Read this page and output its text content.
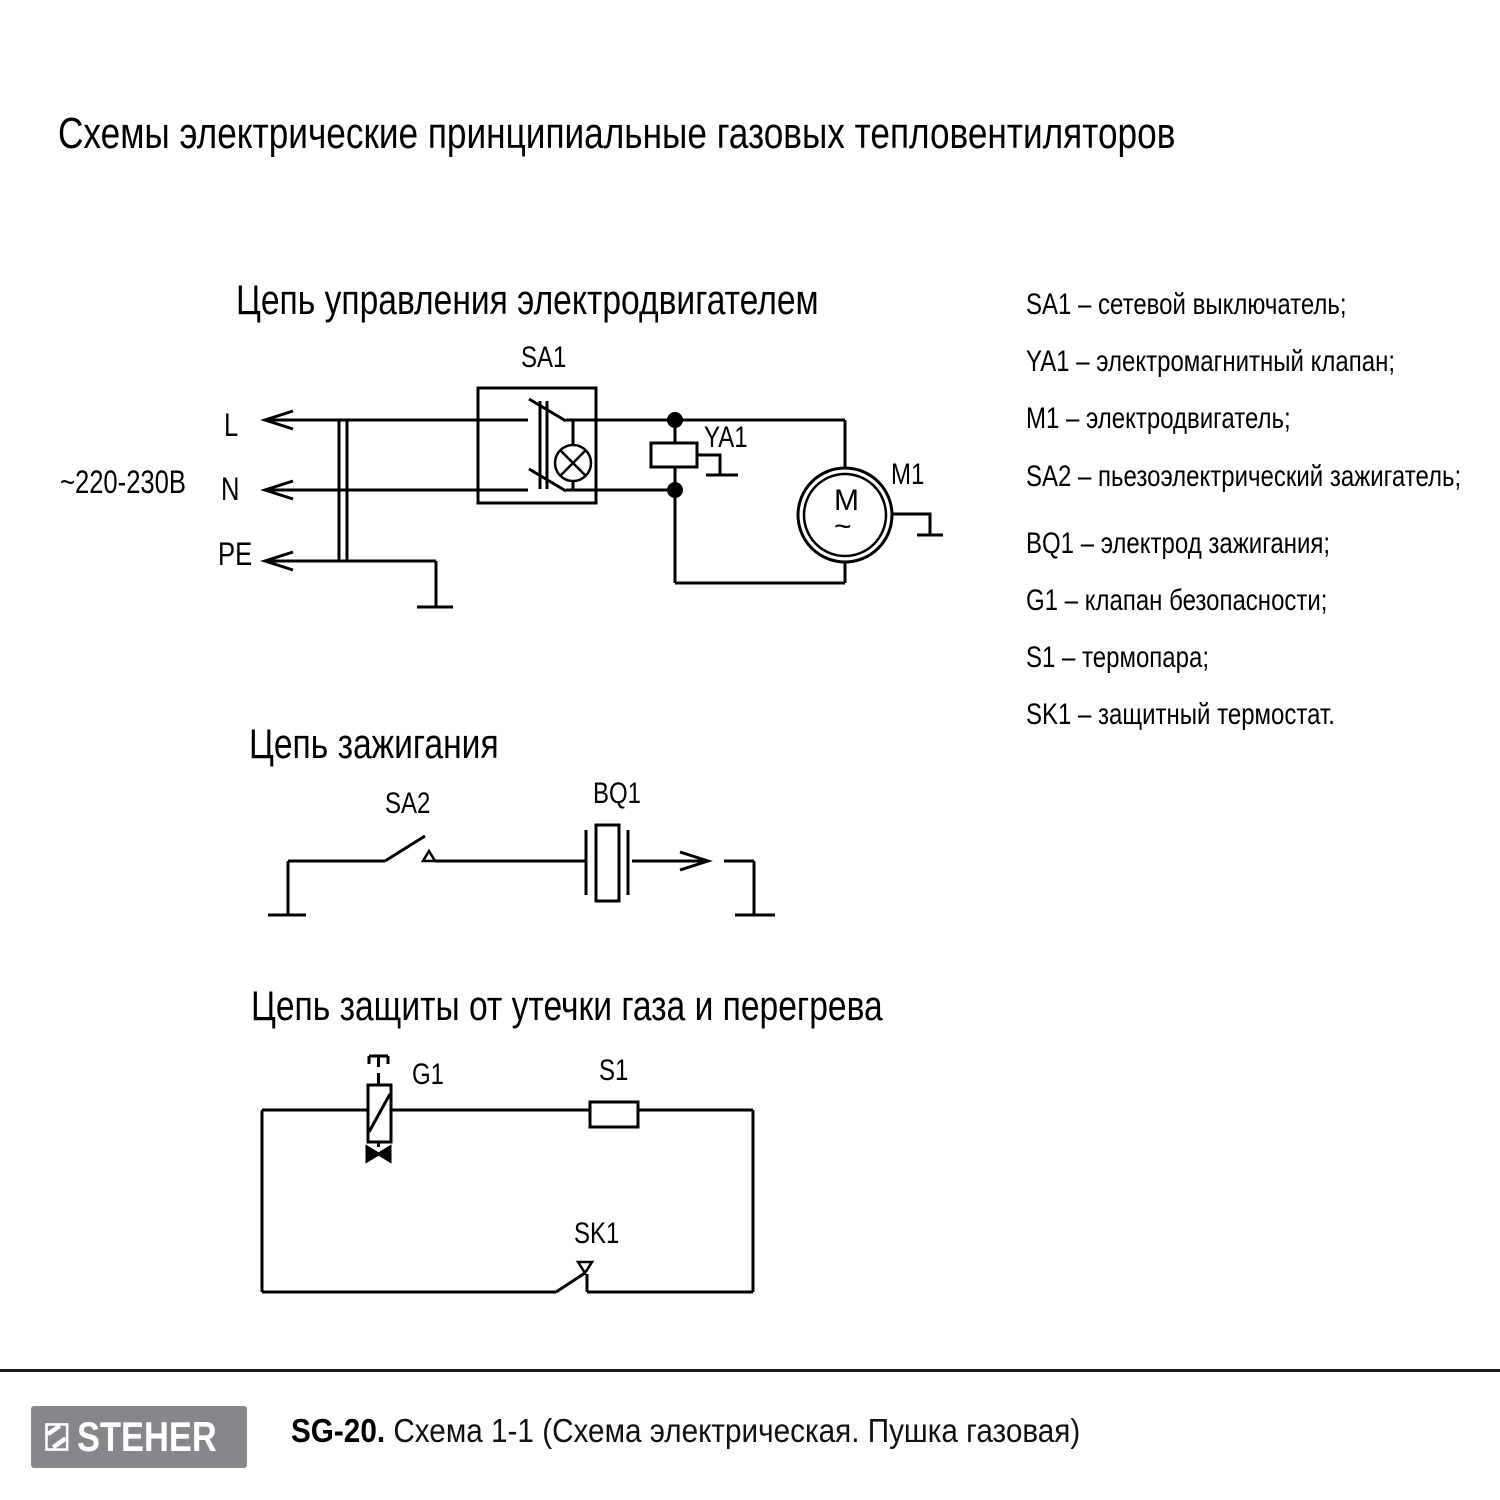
Схемы электрические принципиальные газовых тепловентиляторов
Цепь управления электродвигателем
~220-230В
L
N
PE
SA1
YA1
M1
M
~
Цепь зажигания
SA2	BQ1
Цепь защиты от утечки газа и перегрева
G1	S1
SK1
SA1 – сетевой выключатель;
YA1 – электромагнитный клапан;
M1 – электродвигатель;
SA2 – пьезоэлектрический зажигатель;
BQ1 – электрод зажигания;
G1 – клапан безопасности;
S1 – термопара;
SK1 – защитный термостат.
STEHER SG-20. Схема 1-1 (Схема электрическая. Пушка газовая)
